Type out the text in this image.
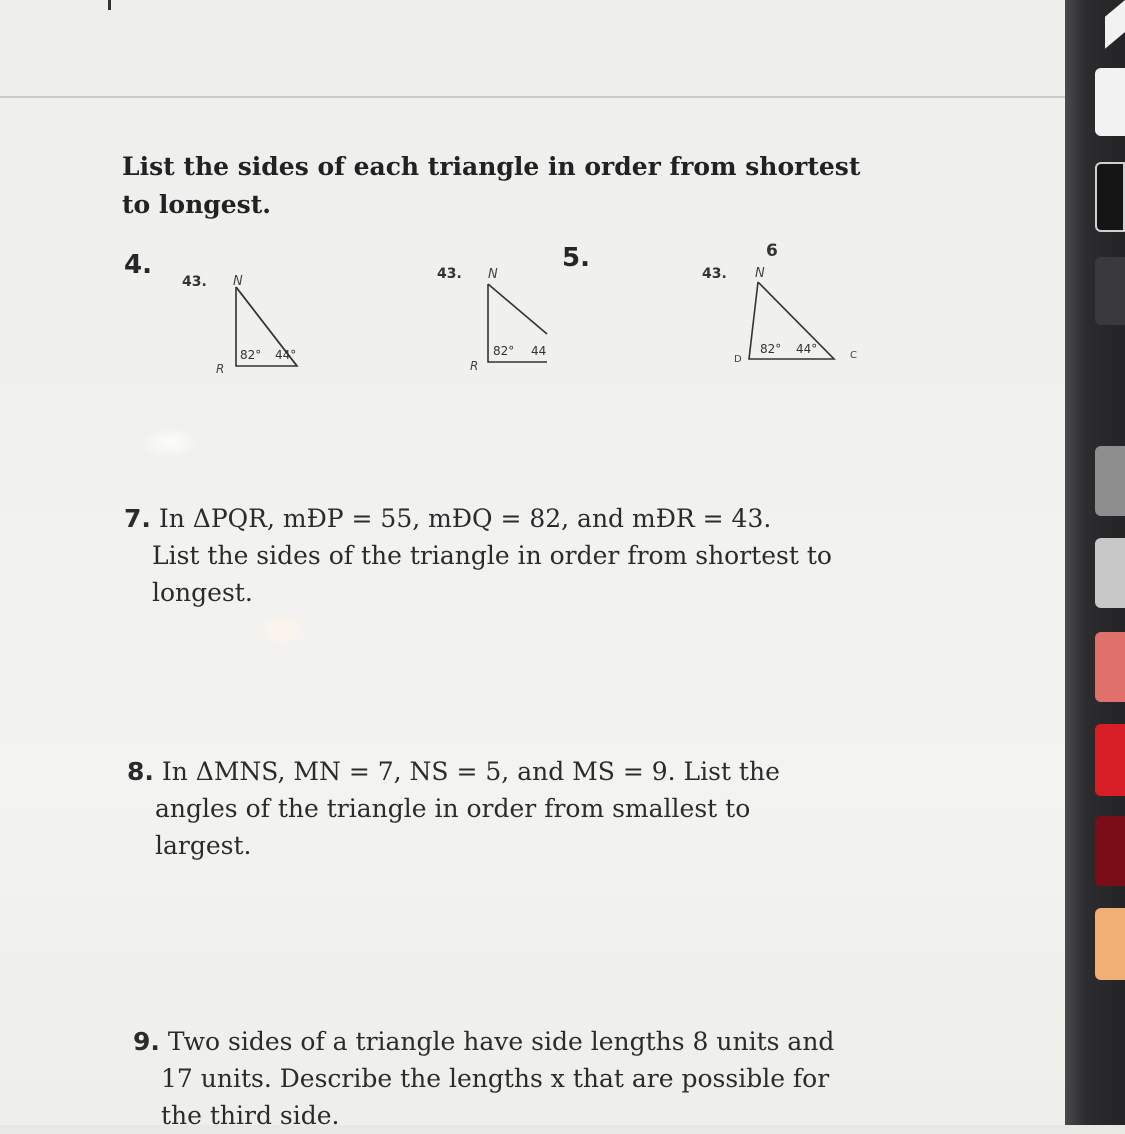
List the sides of each triangle in order from shortest
to longest.
4.	5.
43. N
R
82° 44°
43. N
R
82° 44
43.
6
N
D	C
82° 44°
7. In ΔPQR, mÐP = 55, mÐQ = 82, and mÐR = 43.
List the sides of the triangle in order from shortest to
longest.
8. In ΔMNS, MN = 7, NS = 5, and MS = 9. List the
angles of the triangle in order from smallest to
largest.
9. Two sides of a triangle have side lengths 8 units and
17 units. Describe the lengths x that are possible for
the third side.
